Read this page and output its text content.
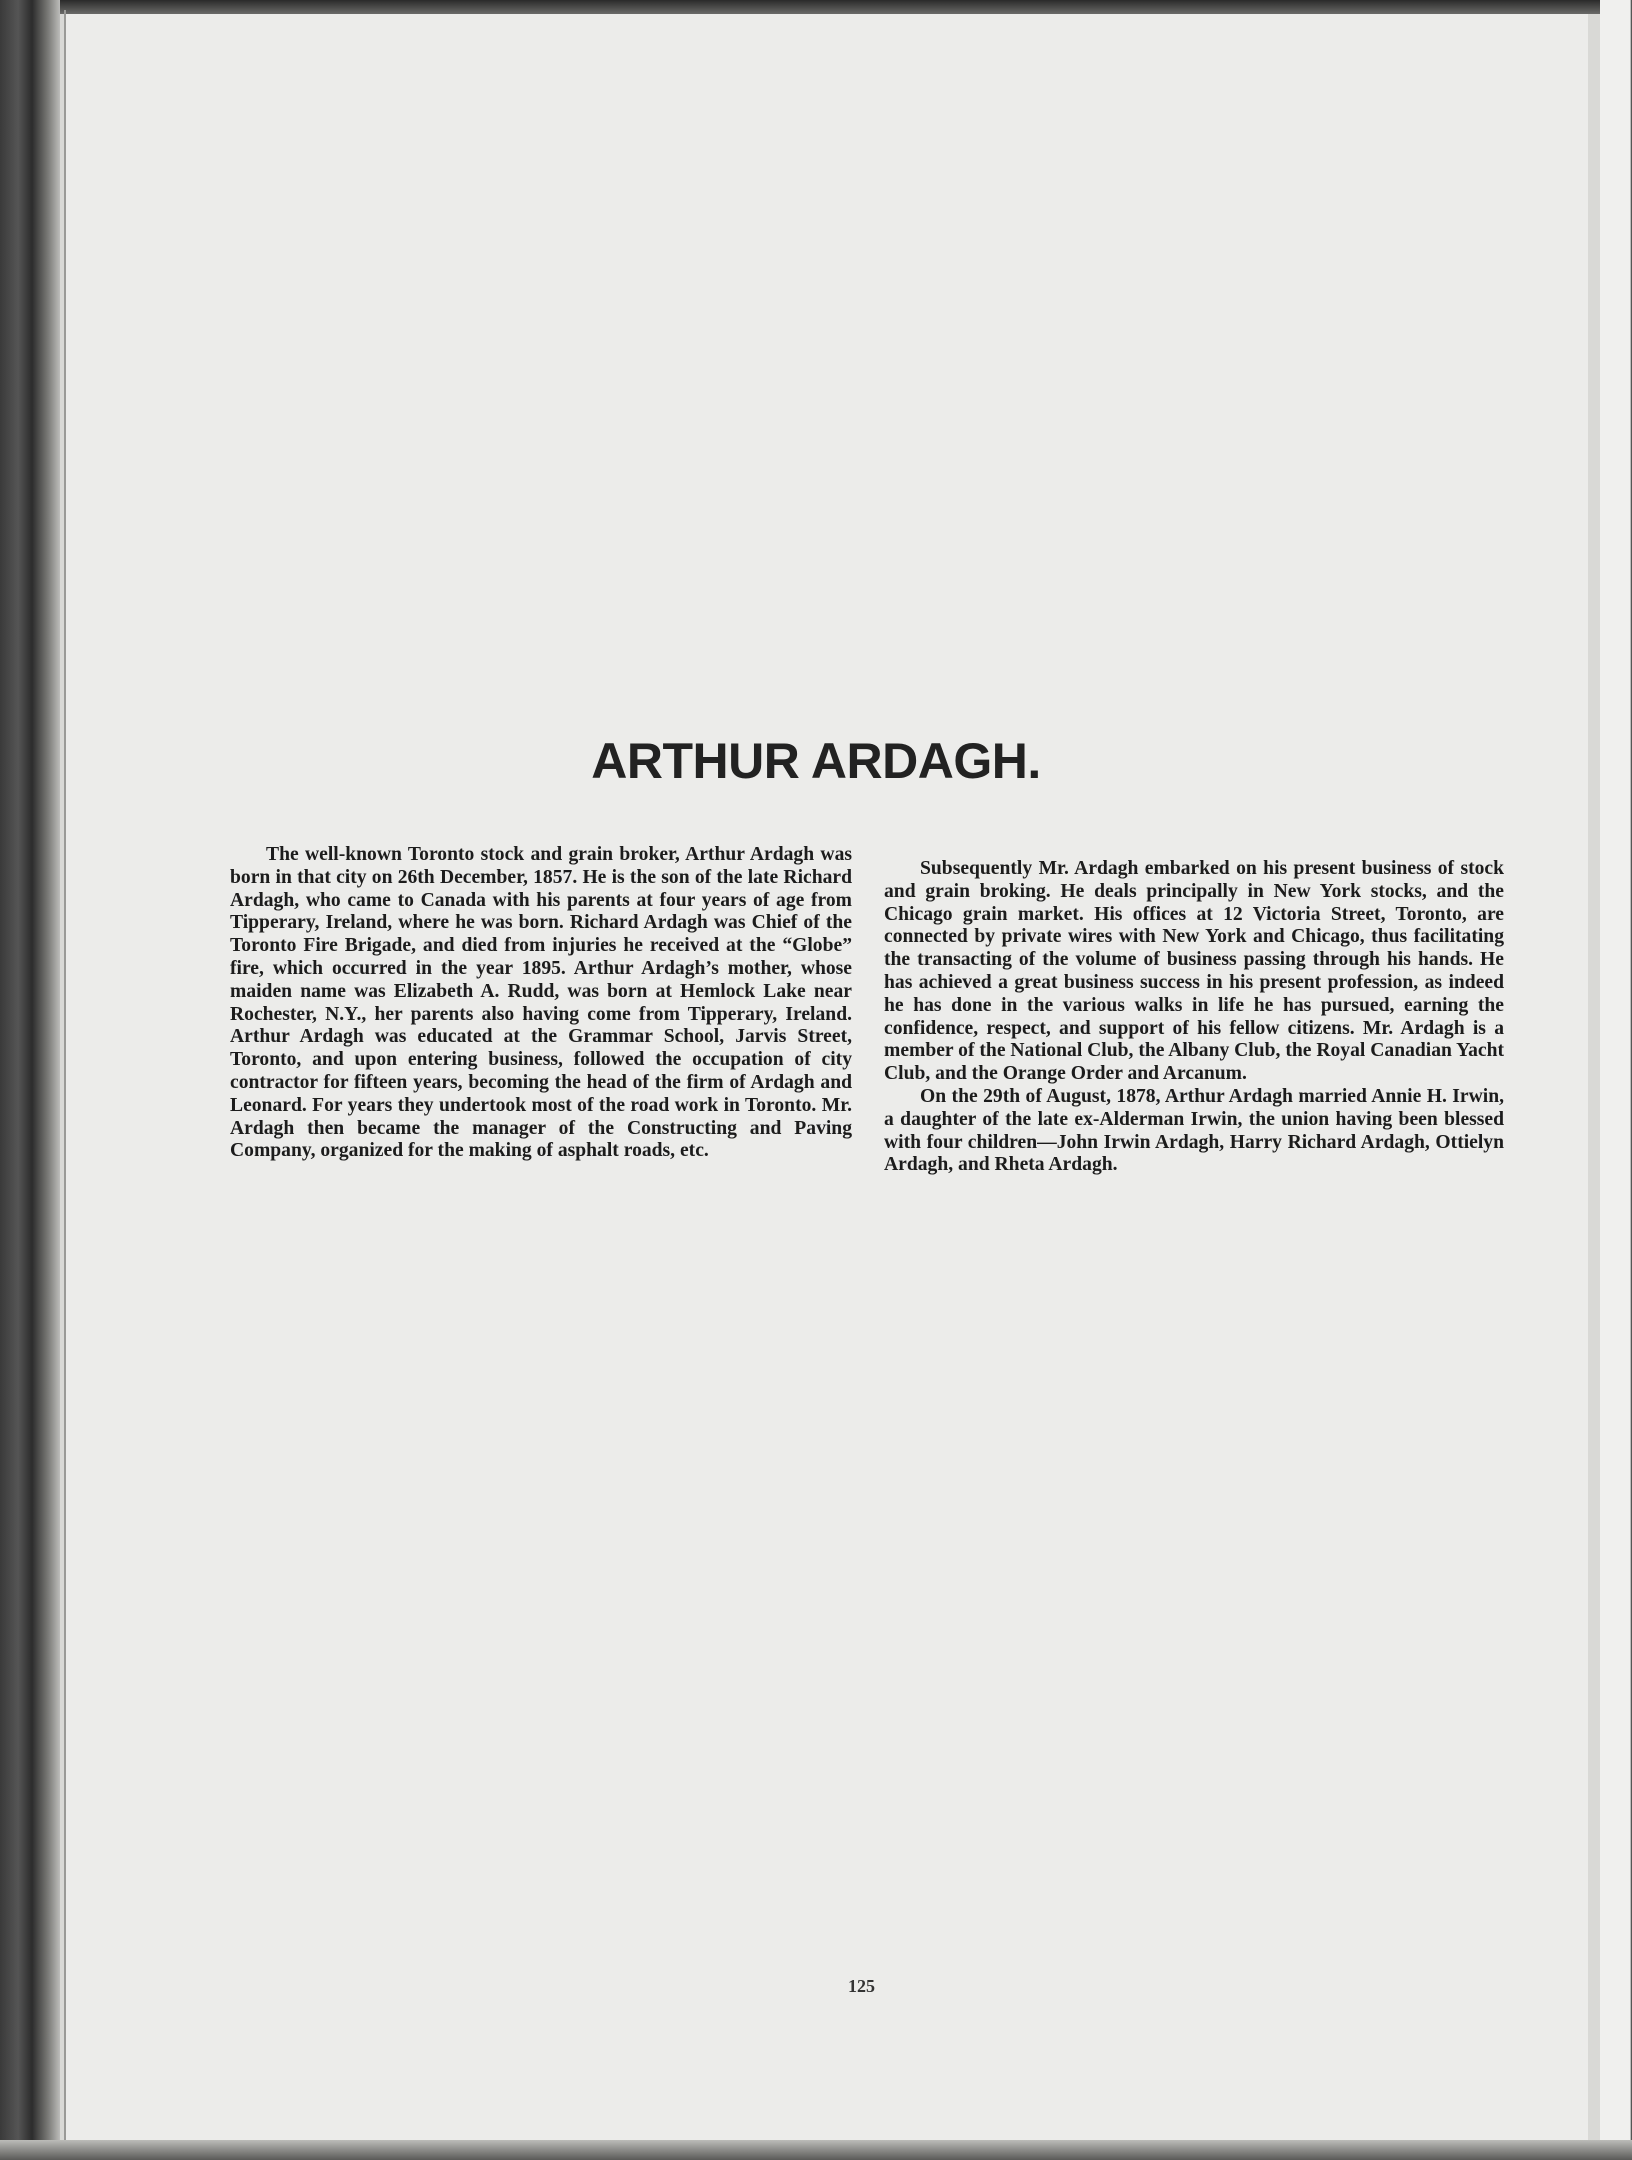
ARTHUR ARDAGH.

The well-known Toronto stock and grain broker, Arthur Ardagh was born in that city on 26th December, 1857. He is the son of the late Richard Ardagh, who came to Canada with his parents at four years of age from Tipperary, Ireland, where he was born. Richard Ardagh was Chief of the Toronto Fire Brigade, and died from injuries he received at the “Globe” fire, which occurred in the year 1895. Arthur Ardagh’s mother, whose maiden name was Elizabeth A. Rudd, was born at Hemlock Lake near Rochester, N.Y., her parents also having come from Tipperary, Ireland. Arthur Ardagh was educated at the Grammar School, Jarvis Street, Toronto, and upon entering business, followed the occupation of city contractor for fifteen years, becoming the head of the firm of Ardagh and Leonard. For years they undertook most of the road work in Toronto. Mr. Ardagh then became the manager of the Constructing and Paving Company, organized for the making of asphalt roads, etc.

Subsequently Mr. Ardagh embarked on his present business of stock and grain broking. He deals principally in New York stocks, and the Chicago grain market. His offices at 12 Victoria Street, Toronto, are connected by private wires with New York and Chicago, thus facilitating the transacting of the volume of business passing through his hands. He has achieved a great business success in his present profession, as indeed he has done in the various walks in life he has pursued, earning the confidence, respect, and support of his fellow citizens. Mr. Ardagh is a member of the National Club, the Albany Club, the Royal Canadian Yacht Club, and the Orange Order and Arcanum.

On the 29th of August, 1878, Arthur Ardagh married Annie H. Irwin, a daughter of the late ex-Alderman Irwin, the union having been blessed with four children—John Irwin Ardagh, Harry Richard Ardagh, Ottielyn Ardagh, and Rheta Ardagh.

125
